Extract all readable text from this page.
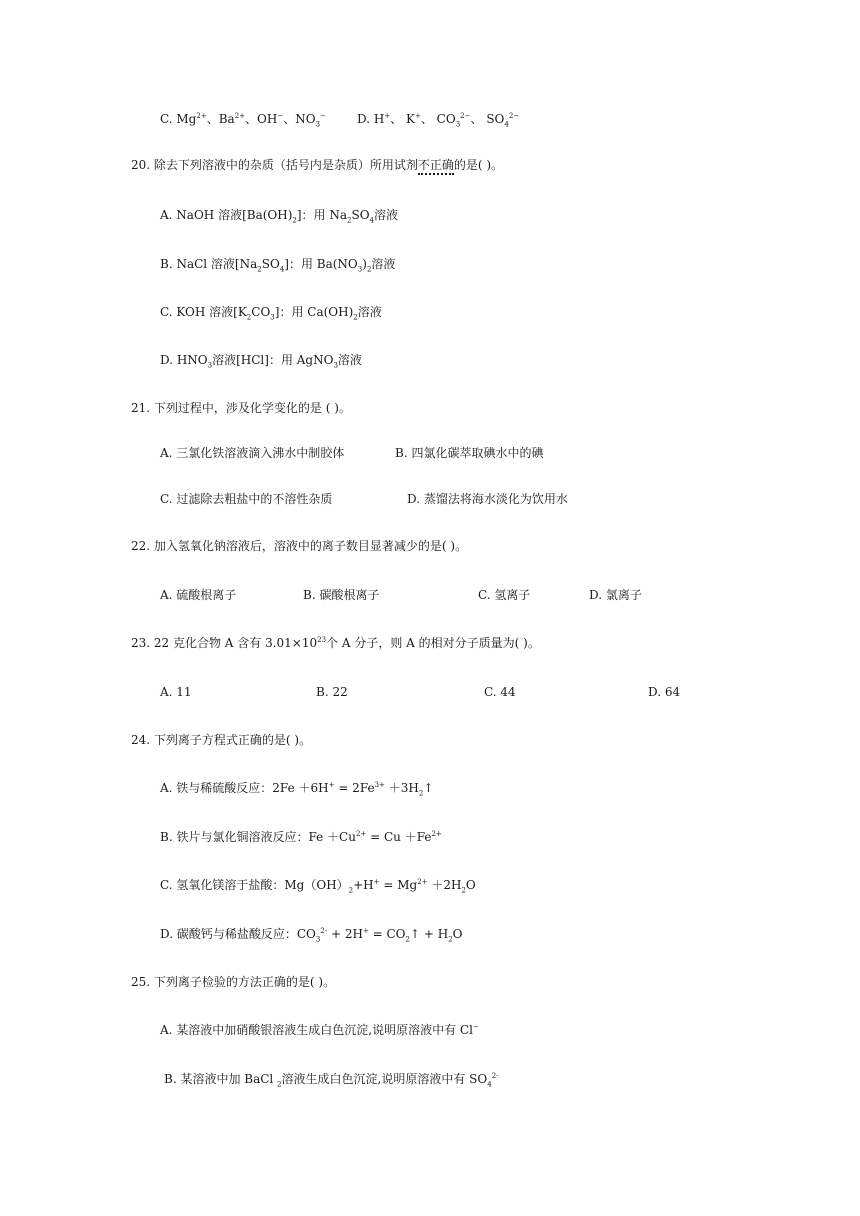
C. $Mg^{2+}$、$Ba^{2+}$、OH−、$NO_3^-$	D. H+、 K+、 $CO_3^{2-}$、 $SO_4^{2-}$
20. 除去下列溶液中的杂质（括号内是杂质）所用试剂不正确的是( )。
A. NaOH 溶液$[Ba(OH)_2]$：用 $Na_2SO_4$溶液
B. NaCl 溶液$[Na_2SO_4]$：用 $Ba(NO_3)_2$溶液
C. KOH 溶液$[K_2CO_3]$：用 $Ca(OH)_2$溶液
D. $HNO_3$溶液[HCl]：用 AgNO$_3$溶液
21. 下列过程中，涉及化学变化的是 ( )。
A. 三氯化铁溶液滴入沸水中制胶体	B. 四氯化碳萃取碘水中的碘
C. 过滤除去粗盐中的不溶性杂质	D. 蒸馏法将海水淡化为饮用水
22. 加入氢氧化钠溶液后，溶液中的离子数目显著减少的是( )。
A. 硫酸根离子	B. 碳酸根离子	C. 氢离子	D. 氯离子
23. 22 克化合物 A 含有 $3.01\times 10^{23}$个 A 分子，则 A 的相对分子质量为( )。
A. 11	B. 22	C. 44	D. 64
24. 下列离子方程式正确的是( )。
A. 铁与稀硫酸反应：$2Fe +6H^+ = 2Fe^{3+}$ $+3H_2↑$
B. 铁片与氯化铜溶液反应：$Fe +Cu^{2+} = Cu +Fe^{2+}$
C. 氢氧化镁溶于盐酸：$Mg(OH)_2+H^+ = Mg^{2+} +2H_2O$
D. 碳酸钙与稀盐酸反应：$CO_3^{2-} + 2H^+$ = $CO_2↑ + H_2O$
25. 下列离子检验的方法正确的是( )。
A. 某溶液中加硝酸银溶液生成白色沉淀,说明原溶液中有 Cl−
B. 某溶液中加 BaCl $_2$溶液生成白色沉淀,说明原溶液中有 $SO_4^{2-}$
